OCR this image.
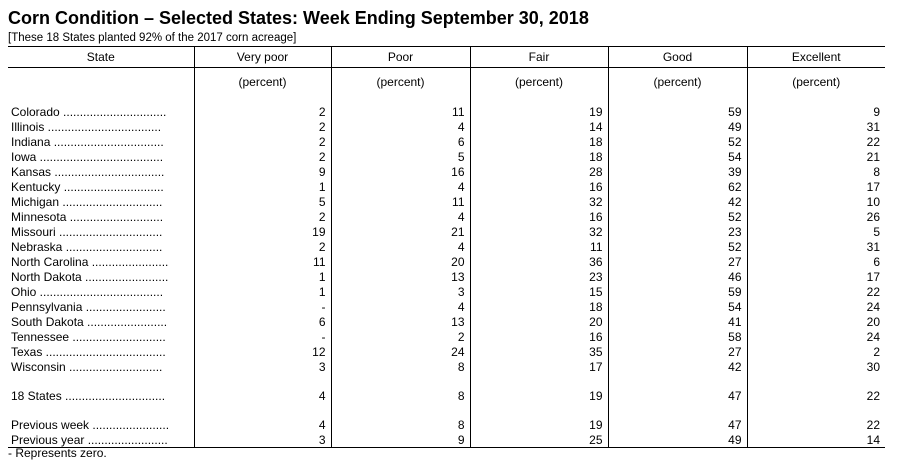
Corn Condition – Selected States: Week Ending September 30, 2018
[These 18 States planted 92% of the 2017 corn acreage]
State	Very poor	Poor	Fair	Good	Excellent
	(percent)	(percent)	(percent)	(percent)	(percent)

Colorado ...............................	2	11	19	59	9
Illinois ..................................	2	4	14	49	31
Indiana .................................	2	6	18	52	22
Iowa .....................................	2	5	18	54	21
Kansas .................................	9	16	28	39	8
Kentucky ..............................	1	4	16	62	17
Michigan ..............................	5	11	32	42	10
Minnesota ............................	2	4	16	52	26
Missouri ...............................	19	21	32	23	5
Nebraska .............................	2	4	11	52	31
North Carolina .......................	11	20	36	27	6
North Dakota .........................	1	13	23	46	17
Ohio .....................................	1	3	15	59	22
Pennsylvania ........................	-	4	18	54	24
South Dakota ........................	6	13	20	41	20
Tennessee ............................	-	2	16	58	24
Texas ....................................	12	24	35	27	2
Wisconsin ............................	3	8	17	42	30

18 States ..............................	4	8	19	47	22

Previous week .......................	4	8	19	47	22
Previous year ........................	3	9	25	49	14
- Represents zero.
